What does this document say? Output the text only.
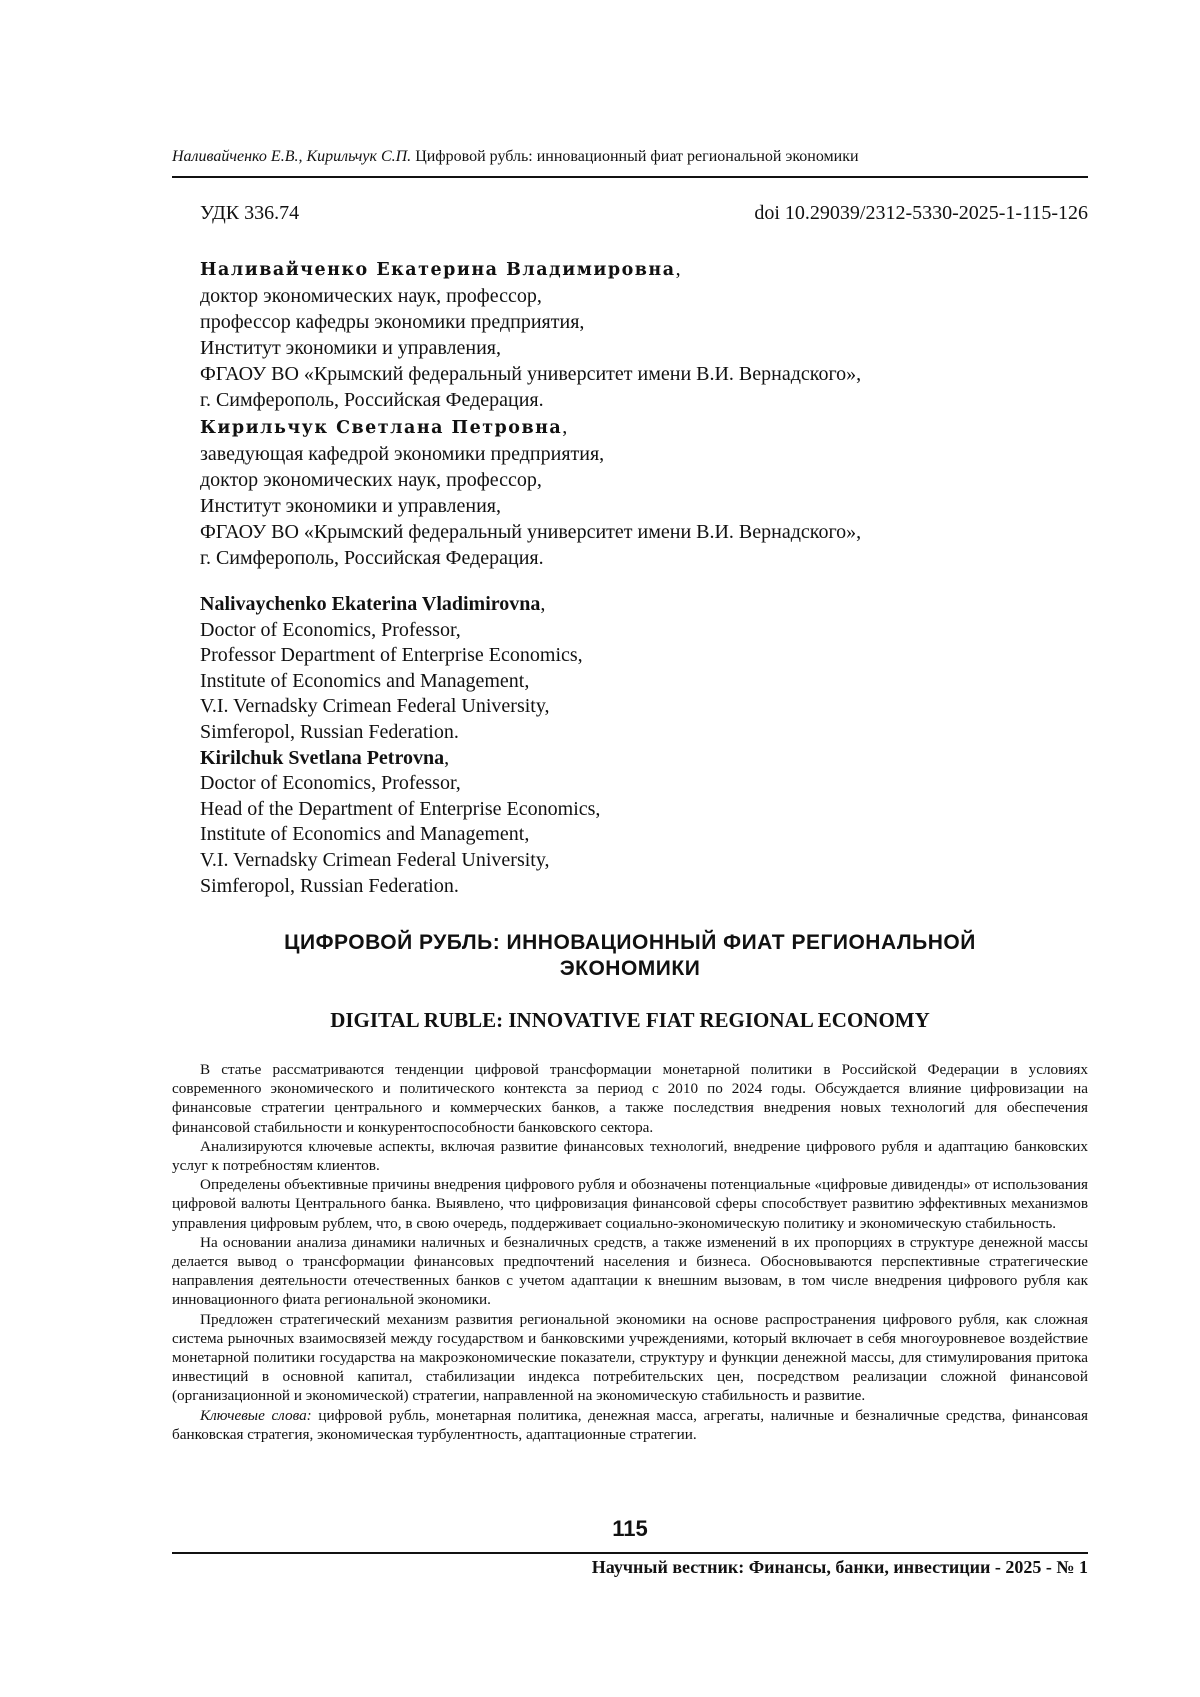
Наливайченко Е.В., Кирильчук С.П. Цифровой рубль: инновационный фиат региональной экономики
УДК 336.74	doi 10.29039/2312-5330-2025-1-115-126
Наливайченко Екатерина Владимировна,
доктор экономических наук, профессор,
профессор кафедры экономики предприятия,
Институт экономики и управления,
ФГАОУ ВО «Крымский федеральный университет имени В.И. Вернадского»,
г. Симферополь, Российская Федерация.
Кирильчук Светлана Петровна,
заведующая кафедрой экономики предприятия,
доктор экономических наук, профессор,
Институт экономики и управления,
ФГАОУ ВО «Крымский федеральный университет имени В.И. Вернадского»,
г. Симферополь, Российская Федерация.
Nalivaychenko Ekaterina Vladimirovna,
Doctor of Economics, Professor,
Professor Department of Enterprise Economics,
Institute of Economics and Management,
V.I. Vernadsky Crimean Federal University,
Simferopol, Russian Federation.
Kirilchuk Svetlana Petrovna,
Doctor of Economics, Professor,
Head of the Department of Enterprise Economics,
Institute of Economics and Management,
V.I. Vernadsky Crimean Federal University,
Simferopol, Russian Federation.
ЦИФРОВОЙ РУБЛЬ: ИННОВАЦИОННЫЙ ФИАТ РЕГИОНАЛЬНОЙ
ЭКОНОМИКИ
DIGITAL RUBLE: INNOVATIVE FIAT REGIONAL ECONOMY

В статье рассматриваются тенденции цифровой трансформации монетарной политики в Российской Федерации в условиях современного экономического и политического контекста за период с 2010 по 2024 годы. Обсуждается влияние цифровизации на финансовые стратегии центрального и коммерческих банков, а также последствия внедрения новых технологий для обеспечения финансовой стабильности и конкурентоспособности банковского сектора.

Анализируются ключевые аспекты, включая развитие финансовых технологий, внедрение цифрового рубля и адаптацию банковских услуг к потребностям клиентов.

Определены объективные причины внедрения цифрового рубля и обозначены потенциальные «цифровые дивиденды» от использования цифровой валюты Центрального банка. Выявлено, что цифровизация финансовой сферы способствует развитию эффективных механизмов управления цифровым рублем, что, в свою очередь, поддерживает социально-экономическую политику и экономическую стабильность.

На основании анализа динамики наличных и безналичных средств, а также изменений в их пропорциях в структуре денежной массы делается вывод о трансформации финансовых предпочтений населения и бизнеса. Обосновываются перспективные стратегические направления деятельности отечественных банков с учетом адаптации к внешним вызовам, в том числе внедрения цифрового рубля как инновационного фиата региональной экономики.

Предложен стратегический механизм развития региональной экономики на основе распространения цифрового рубля, как сложная система рыночных взаимосвязей между государством и банковскими учреждениями, который включает в себя многоуровневое воздействие монетарной политики государства на макроэкономические показатели, структуру и функции денежной массы, для стимулирования притока инвестиций в основной капитал, стабилизации индекса потребительских цен, посредством реализации сложной финансовой (организационной и экономической) стратегии, направленной на экономическую стабильность и развитие.

Ключевые слова: цифровой рубль, монетарная политика, денежная масса, агрегаты, наличные и безналичные средства, финансовая банковская стратегия, экономическая турбулентность, адаптационные стратегии.

115
Научный вестник: Финансы, банки, инвестиции - 2025 - № 1
